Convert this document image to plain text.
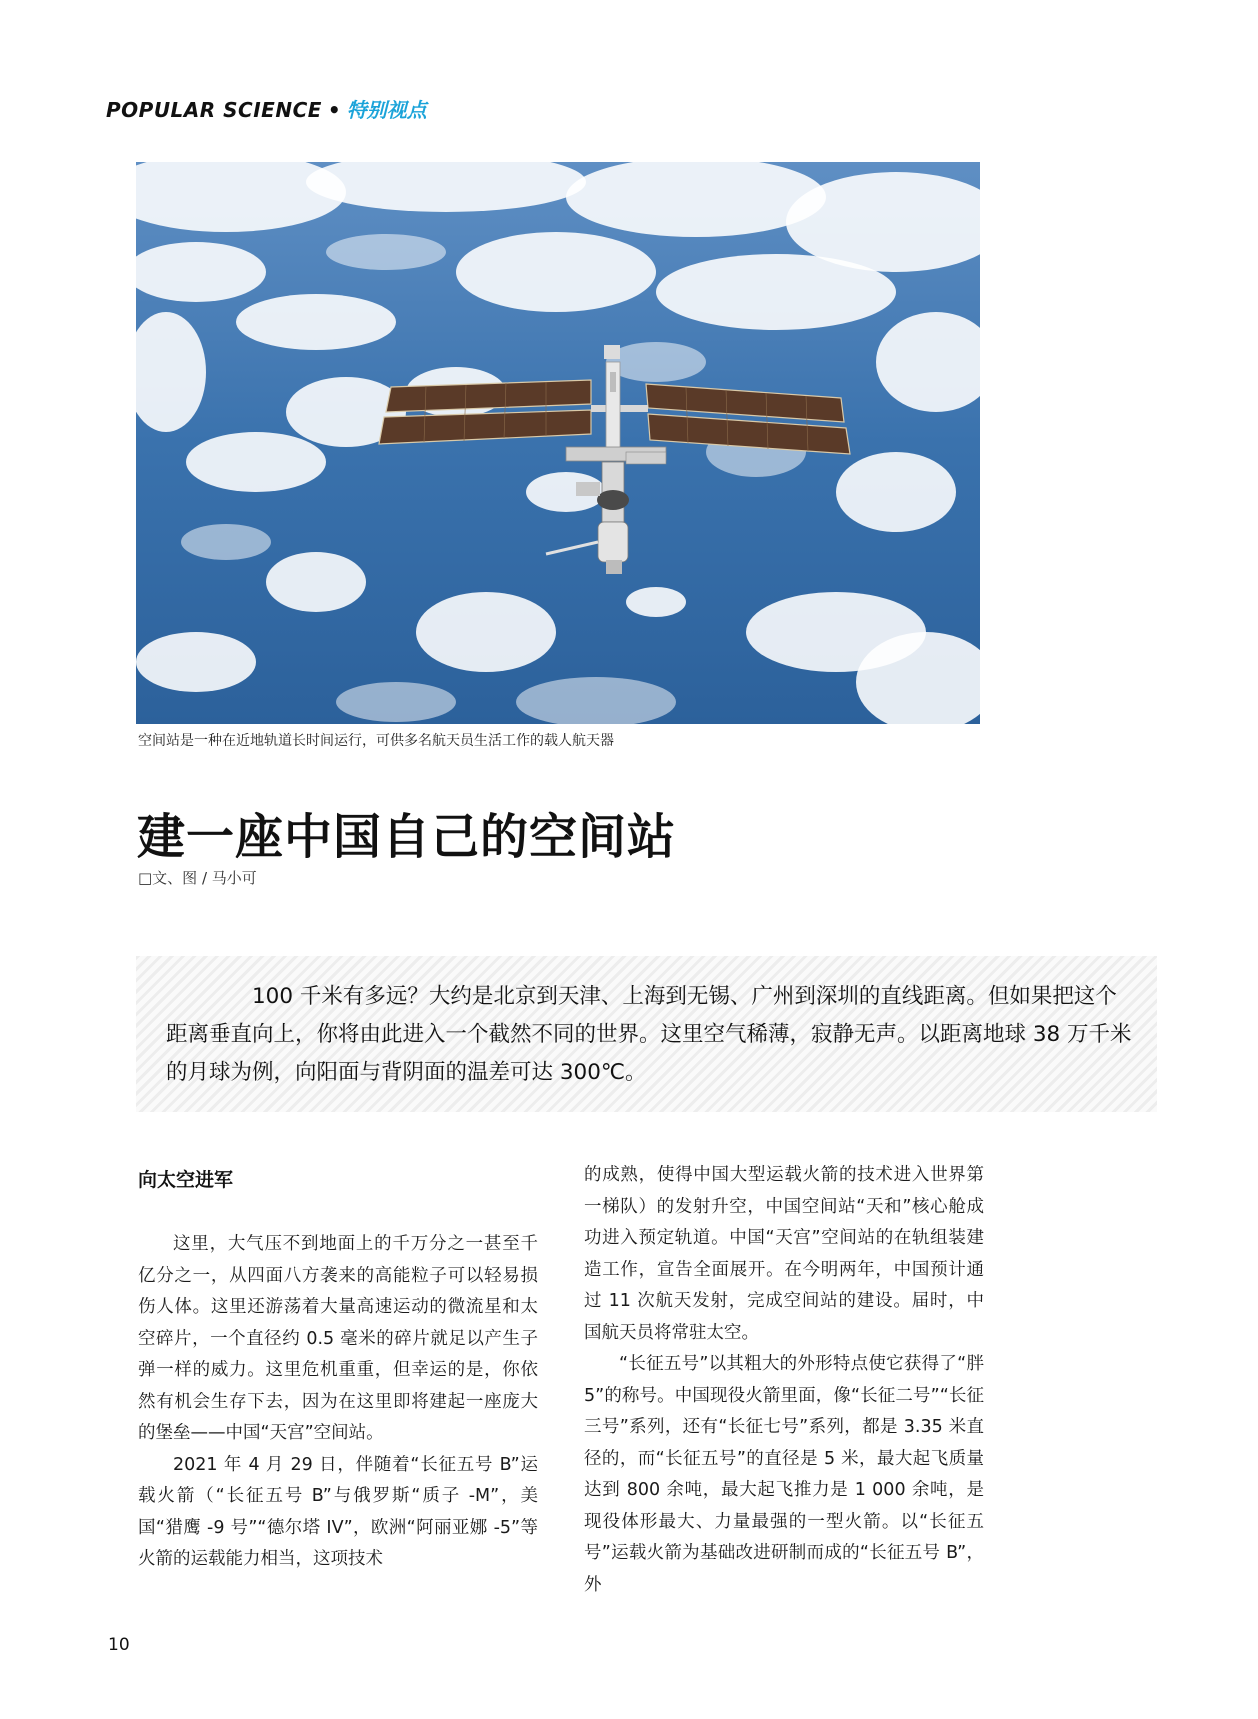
POPULAR SCIENCE • 特别视点
空间站是一种在近地轨道长时间运行，可供多名航天员生活工作的载人航天器
建一座中国自己的空间站
□文、图 / 马小可

100 千米有多远？大约是北京到天津、上海到无锡、广州到深圳的直线距离。但如果把这个距离垂直向上，你将由此进入一个截然不同的世界。这里空气稀薄，寂静无声。以距离地球 38 万千米的月球为例，向阳面与背阴面的温差可达 300℃。

向太空进军

这里，大气压不到地面上的千万分之一甚至千亿分之一，从四面八方袭来的高能粒子可以轻易损伤人体。这里还游荡着大量高速运动的微流星和太空碎片，一个直径约 0.5 毫米的碎片就足以产生子弹一样的威力。这里危机重重，但幸运的是，你依然有机会生存下去，因为在这里即将建起一座庞大的堡垒——中国“天宫”空间站。

2021 年 4 月 29 日，伴随着“长征五号 B”运载火箭（“长征五号 B”与俄罗斯“质子 -M”，美国“猎鹰 -9 号”“德尔塔 IV”，欧洲“阿丽亚娜 -5”等火箭的运载能力相当，这项技术

的成熟，使得中国大型运载火箭的技术进入世界第一梯队）的发射升空，中国空间站“天和”核心舱成功进入预定轨道。中国“天宫”空间站的在轨组装建造工作，宣告全面展开。在今明两年，中国预计通过 11 次航天发射，完成空间站的建设。届时，中国航天员将常驻太空。

“长征五号”以其粗大的外形特点使它获得了“胖 5”的称号。中国现役火箭里面，像“长征二号”“长征三号”系列，还有“长征七号”系列，都是 3.35 米直径的，而“长征五号”的直径是 5 米，最大起飞质量达到 800 余吨，最大起飞推力是 1 000 余吨，是现役体形最大、力量最强的一型火箭。以“长征五号”运载火箭为基础改进研制而成的“长征五号 B”，外

10
